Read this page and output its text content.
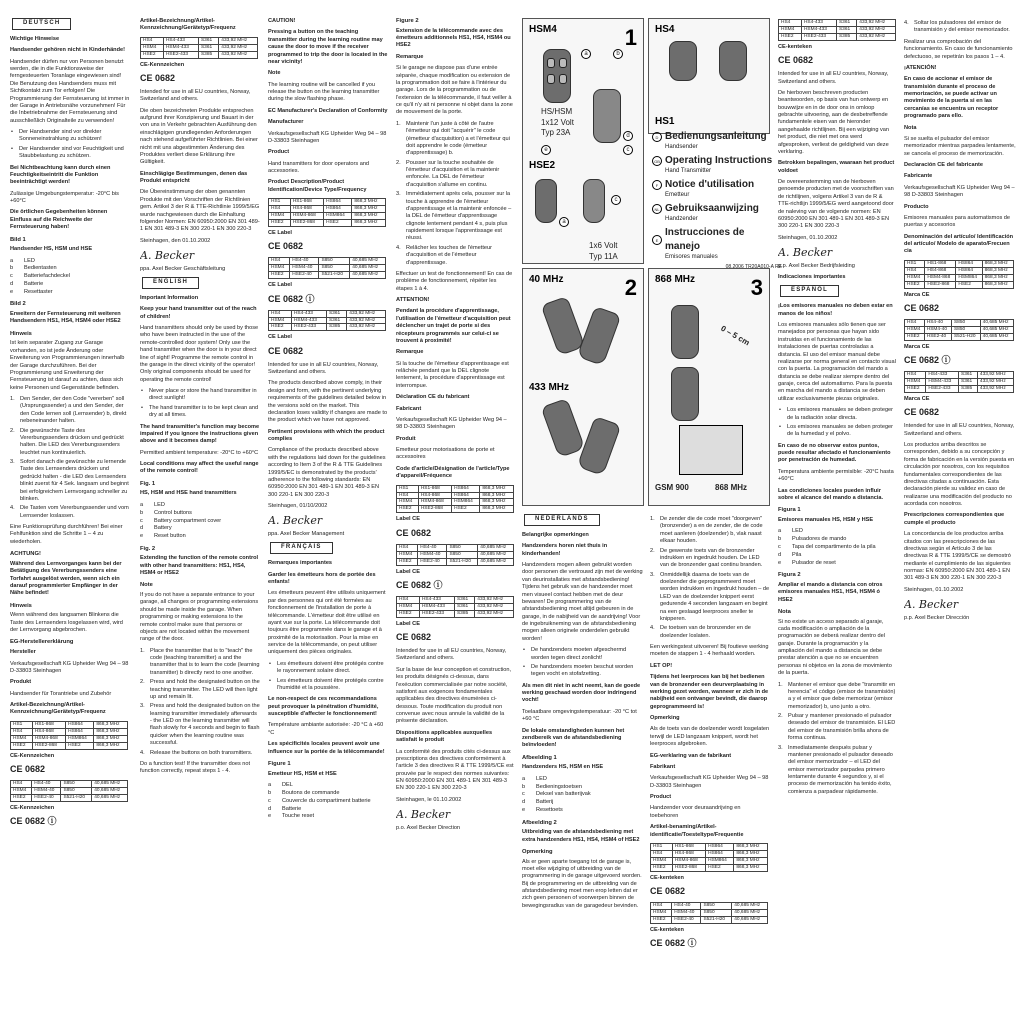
DEUTSCH

Wichtige Hinweise

Handsender gehören nicht in Kinderhände!

Handsender dürfen nur von Personen benutzt werden, die in die Funktionsweise der ferngesteuerten Toranlage eingewiesen sind! Die Benutzung des Handsenders muss mit Sichtkontakt zum Tor erfolgen! Die Programmierung der Fernsteuerung ist immer in der Garage in Antriebsnähe vorzunehmen! Für die Inbetriebnahme der Fernsteuerung sind ausschließlich Originalteile zu verwenden!

• Der Handsender sind vor direkter Sonneneinstrahlung zu schützen!
• Der Handsender sind vor Feuchtigkeit und Staubbelastung zu schützen.

Bei Nichtbeachtung kann durch einen Feuchtigkeitseintritt die Funktion beeinträchtigt werden!

Zulässige Umgebungstemperatur: -20°C bis +60°C

Die örtlichen Gegebenheiten können Einfluss auf die Reichweite der Fernsteuerung haben!

Bild 1

Handsender HS, HSM und HSE

a	LED
b	Bedientasten
c	Batteriefachdeckel
d	Batterie
e	Resettaster
Bild 2

Erweitern der Fernsteuerung mit weiteren Handsendern HS1, HS4, HSM4 oder HSE2

Hinweis

Ist kein separater Zugang zur Garage vorhanden, so ist jede Änderung oder Erweiterung von Programmierungen innerhalb der Garage durchzuführen. Bei der Programmierung und Erweiterung der Fernsteuerung ist darauf zu achten, dass sich keine Personen und Gegenstände befinden.

1. Den Sender, der den Code "vererben" soll (Ursprungssender) a und den Sender, der den Code lernen soll (Lernsender) b, direkt nebeneinander halten.
2. Die gewünschte Taste des Vererbungssenders drücken und gedrückt halten. Die LED des Vererbungssenders leuchtet nun kontinuierlich.
3. Sofort danach die gewünschte zu lernende Taste des Lernsenders drücken und gedrückt halten - die LED des Lernsenders blinkt zuerst für 4 Sek. langsam und beginnt bei erfolgreichem Lernvorgang schneller zu blinken.
4. Die Tasten vom Vererbungssender und vom Lernsender loslassen.

Eine Funktionsprüfung durchführen! Bei einer Fehlfunktion sind die Schritte 1 – 4 zu wiederholen.

ACHTUNG!

Während des Lernvorganges kann bei der Betätigung des Vererbungssenders eine Torfahrt ausgelöst werden, wenn sich ein darauf programmierter Empfänger in der Nähe befindet!

Hinweis

Wenn während des langsamen Blinkens die Taste des Lernsenders losgelassen wird, wird der Lernvorgang abgebrochen.

EG-Herstellererklärung

Hersteller

Verkaufsgesellschaft KG Upheider Weg 94 – 98 D-33803 Steinhagen

Produkt

Handsender für Torantriebe und Zubehör

Artikel-Bezeichnung/Artikel-Kennzeichnung/Gerätetyp/Frequenz

HS1	HS1-868	HS864	868,3 MHz
HS4	HS4-868	HS864	868,3 MHz
HSM4	HSM4-868	HSM864	868,3 MHz
HSE2	HSE2-868	HSE2	868,3 MHz

CE-Kennzeichen

CE 0682
HS4	HS4-40	S850	40,685 MHz
HSM4	HSM4-40	S850	40,685 MHz
HSE2	HSE2-40	S521-H20	40,685 MHz

CE-Kennzeichen

CE 0682 ⓘ

Artikel-Bezeichnung/Artikel-Kennzeichnung/Gerätetyp/Frequenz

HS4	HS4-433	S361	433,92 MHz
HSM4	HSM4-433	S361	433,92 MHz
HSE2	HSE2-433	S385	433,92 MHz

CE-Kennzeichen

CE 0682

Intended for use in all EU countries, Norway, Switzerland and others.

Die oben bezeichneten Produkte entsprechen aufgrund ihrer Konzipierung und Bauart in der von uns in Verkehr gebrachten Ausführung den einschlägigen grundlegenden Anforderungen nach stehend aufgeführter Richtlinien. Bei einer nicht mit uns abgestimmten Änderung des Produktes verliert diese Erklärung ihre Gültigkeit.

Einschlägige Bestimmungen, denen das Produkt entspricht

Die Übereinstimmung der oben genannten Produkte mit den Vorschriften der Richtlinien gem. Artikel 3 der R & TTE-Richtlinie 1999/5/EG wurde nachgewiesen durch die Einhaltung folgender Normen: EN 60950:2000 EN 301 489-1 EN 301 489-3 EN 300 220-1 EN 300 220-3

Steinhagen, den 01.10.2002

A. Becker

ppa. Axel Becker Geschäftsleitung

ENGLISH

Important Information

Keep your hand transmitter out of the reach of children!

Hand transmitters should only be used by those who have been instructed in the use of the remote-controlled door system! Only use the hand transmitter when the door is in your direct line of sight! Programme the remote control in the garage in the direct vicinity of the operator! Only original components should be used for operating the remote control!

• Never place or store the hand transmitter in direct sunlight!
• The hand transmitter is to be kept clean and dry at all times.

The hand transmitter's function may become impaired if you ignore the instructions given above and it becomes damp!

Permitted ambient temperature: -20°C to +60°C

Local conditions may affect the useful range of the remote control!

Fig. 1

HS, HSM and HSE hand transmitters

a	LED
b	Control buttons
c	Battery compartment cover
d	Battery
e	Reset button
Fig. 2

Extending the function of the remote control with other hand transmitters: HS1, HS4, HSM4 or HSE2

Note

If you do not have a separate entrance to your garage, all changes or programming extensions should be made inside the garage. When programming or making extensions to the remote control make sure that persons or objects are not located within the movement range of the door.

1. Place the transmitter that is to "teach" the code (teaching transmitter) a and the transmitter that is to learn the code (learning transmitter) b directly next to one another.
2. Press and hold the designated button on the teaching transmitter. The LED will then light up and remain lit.
3. Press and hold the designated button on the learning transmitter immediately afterwards - the LED on the learning transmitter will flash slowly for 4 seconds and begin to flash quicker when the learning routine was successful.
4. Release the buttons on both transmitters.

Do a function test! If the transmitter does not function correctly, repeat steps 1 - 4.

CAUTION!

Pressing a button on the teaching transmitter during the learning routine may cause the door to move if the receiver programmed to trip the door is located in the near vicinity!

Note

The learning routine will be cancelled if you release the button on the learning transmitter during the slow flashing phase.

EC Manufacturer's Declaration of Conformity

Manufacturer

Verkaufsgesellschaft KG Upheider Weg 94 – 98 D-33803 Steinhagen

Product

Hand transmitters for door operators and accessories.

Product Description/Product Identification/Device Type/Frequency

HS1	HS1-868	HS864	868,3 MHz
HS4	HS4-868	HS864	868,3 MHz
HSM4	HSM4-868	HSM864	868,3 MHz
HSE2	HSE2-868	HSE2	868,3 MHz

CE Label

CE 0682
HS4	HS4-40	S850	40,685 MHz
HSM4	HSM4-40	S850	40,685 MHz
HSE2	HSE2-40	S521-H20	40,685 MHz

CE Label

CE 0682 ⓘ
HS4	HS4-433	S361	433,92 MHz
HSM4	HSM4-433	S361	433,92 MHz
HSE2	HSE2-433	S385	433,92 MHz

CE Label

CE 0682

Intended for use in all EU countries, Norway, Switzerland and others.

The products described above comply, in their design and form, with the pertinent underlying requirements of the guidelines detailed below in the versions sold on the market. This declaration loses validity if changes are made to the product which we have not approved.

Pertinent provisions with which the product complies

Compliance of the products described above with the regulations laid down for the guidelines according to Item 3 of the R & TTE Guidelines 1999/5/EC is demonstrated by the products' adherence to the following standards: EN 60950:2000 EN 301 489-1 EN 301 489-3 EN 300 220-1 EN 300 220-3

Steinhagen, 01/10/2002

A. Becker

ppa. Axel Becker Management

FRANÇAIS

Remarques importantes

Garder les émetteurs hors de portée des enfants!

Les émetteurs peuvent être utilisés uniquement par des personnes qui ont été formées au fonctionnement de l'installation de porte à télécommande. L'émetteur doit être utilisé en ayant vue sur la porte. La télécommande doit toujours être programmée dans le garage et à proximité de la motorisation. Pour la mise en service de la télécommande, on peut utiliser uniquement des pièces originales.

• Les émetteurs doivent être protégés contre le rayonnement solaire direct.
• Les émetteurs doivent être protégés contre l'humidité et la poussière.

Le non-respect de ces recommandations peut provoquer la pénétration d'humidité, susceptible d'affecter le fonctionnement!

Température ambiante autorisée: -20 °C à +60 °C

Les spécificités locales peuvent avoir une influence sur la portée de la télécommande!

Figure 1

Emetteur HS, HSM et HSE

a	DEL
b	Boutons de commande
c	Couvercle du compartiment batterie
d	Batterie
e	Touche reset
Figure 2

Extension de la télécommande avec des émetteurs additionnels HS1, HS4, HSM4 ou HSE2

Remarque

Si le garage ne dispose pas d'une entrée séparée, chaque modification ou extension de la programmation doit se faire à l'intérieur du garage. Lors de la programmation ou de l'extension de la télécommande, il faut veiller à ce qu'il n'y ait ni personne ni objet dans la zone de mouvement de la porte.

1. Maintenir l'un juste à côté de l'autre l'émetteur qui doit "acquérir" le code (émetteur d'acquisition) a et l'émetteur qui doit apprendre le code (émetteur d'apprentissage) b.
2. Pousser sur la touche souhaitée de l'émetteur d'acquisition et la maintenir enfoncée. La DEL de l'émetteur d'acquisition s'allume en continu.
3. Immédiatement après cela, pousser sur la touche à apprendre de l'émetteur d'apprentissage et la maintenir enfoncée – la DEL de l'émetteur d'apprentissage clignote lentement pendant 4 s, puis plus rapidement lorsque l'apprentissage est réussi.
4. Relâcher les touches de l'émetteur d'acquisition et de l'émetteur d'apprentissage.

Effectuer un test de fonctionnement! En cas de problème de fonctionnement, répéter les étapes 1 à 4.

ATTENTION!

Pendant la procédure d'apprentissage, l'utilisation de l'émetteur d'acquisition peut déclencher un trajet de porte si des récepteurs programmés sur celui-ci se trouvent à proximité!

Remarque

Si la touche de l'émetteur d'apprentissage est relâchée pendant que la DEL clignote lentement, la procédure d'apprentissage est interrompue.

Déclaration CE du fabricant

Fabricant

Verkaufsgesellschaft KG Upheider Weg 94 – 98 D-33803 Steinhagen

Produit

Emetteur pour motorisations de porte et accessoires

Code d'article/Désignation de l'article/Type d'appareil/Fréquence

HS1	HS1-868	HS864	868,3 MHz
HS4	HS4-868	HS864	868,3 MHz
HSM4	HSM4-868	HSM864	868,3 MHz
HSE2	HSE2-868	HSE2	868,3 MHz

Label CE

CE 0682
HS4	HS4-40	S850	40,685 MHz
HSM4	HSM4-40	S850	40,685 MHz
HSE2	HSE2-40	S521-H20	40,685 MHz

Label CE

CE 0682 ⓘ
HS4	HS4-433	S361	433,92 MHz
HSM4	HSM4-433	S361	433,92 MHz
HSE2	HSE2-433	S385	433,92 MHz

Label CE

CE 0682

Intended for use in all EU countries, Norway, Switzerland and others.

Sur la base de leur conception et construction, les produits désignés ci-dessus, dans l'exécution commercialisée par notre société, satisfont aux exigences fondamentales applicables des directives énumérées ci-dessous. Toute modification du produit non convenue avec nous annule la validité de la présente déclaration.

Dispositions applicables auxquelles satisfait le produit

La conformité des produits cités ci-dessus aux prescriptions des directives conformément à l'article 3 des directives R & TTE 1999/5/CE est prouvée par le respect des normes suivantes: EN 60950:2000 EN 301 489-1 EN 301 489-3 EN 300 220-1 EN 300 220-3

Steinhagen, le 01.10.2002

A. Becker

p.o. Axel Becker Direction

HSM4	1
a	b
d
c
e
HS/HSM
1x12 Volt
Typ 23A
HSE2
a
c
1x6 Volt
Typ 11A
40 MHz	2
433 MHz
868 MHz	3
0 – 5 cm
GSM 900	868 MHz
HS4
HS1
D Bedienungsanleitung
Handsender
GB Operating Instructions
Hand Transmitter
F Notice d'utilisation
Emetteur
NL Gebruiksaanwijzing
Handzender
E
Instrucciones de manejo
Emisores manuales
08.2006 TR20A010-A RE
NEDERLANDS

Belangrijke opmerkingen

Handzenders horen niet thuis in kinderhanden!

Handzenders mogen alleen gebruikt worden door personen die vertrouwd zijn met de werking van deurinstallaties met afstandsbediening! Tijdens het gebruik van de handzender moet men visueel contact hebben met de deur bewaren! De programmering van de afstandsbediening moet altijd gebeuren in de garage, in de nabijheid van de aandrijving! Voor de ingebruikneming van de afstandsbediening mogen alleen originele onderdelen gebruikt worden!

• De handzenders moeten afgeschermd worden tegen direct zonlicht!
• De handzenders moeten beschut worden tegen vocht en stofafzetting.

Als men dit niet in acht neemt, kan de goede werking geschaad worden door indringend vocht!

Toelaatbare omgevingstemperatuur: -20 °C tot +60 °C

De lokale omstandigheden kunnen het zendbereik van de afstandsbediening beïnvloeden!

Afbeelding 1

Handzenders HS, HSM en HSE

a	LED
b	Bedieningstoetsen
c	Deksel van batterijvak
d	Batterij
e	Resettoets
Afbeelding 2

Uitbreiding van de afstandsbediening met extra handzenders HS1, HS4, HSM4 of HSE2

Opmerking

Als er geen aparte toegang tot de garage is, moet elke wijziging of uitbreiding van de programmering in de garage uitgevoerd worden. Bij de programmering en de uitbreiding van de afstandsbediening moet men erop letten dat er zich geen personen of voorwerpen binnen de bewegingsradius van de garagedeur bevinden.

1. De zender die de code moet "doorgeven" (bronzender) a en de zender, die de code moet aanleren (doelzender) b, vlak naast elkaar houden.
2. De gewenste toets van de bronzender indrukken en ingedrukt houden. De LED van de bronzender gaat continu branden.
3. Onmiddellijk daarna de toets van de doelzender die geprogrammeerd moet worden indrukken en ingedrukt houden – de LED van de doelzender knippert eerst gedurende 4 seconden langzaam en begint na een geslaagd leerproces sneller te knipperen.
4. De toetsen van de bronzender en de doelzender loslaten.

Een werkingstest uitvoeren! Bij foutieve werking moeten de stappen 1 - 4 herhaald worden.

LET OP!

Tijdens het leerproces kan bij het bedienen van de bronzender een deurverplaatsing in werking gezet worden, wanneer er zich in de nabijheid een ontvanger bevindt, die daarop geprogrammeerd is!

Opmerking

Als de toets van de doelzender wordt losgelaten terwijl de LED langzaam knippert, wordt het leerproces afgebroken.

EG-verklaring van de fabrikant

Fabrikant

Verkaufsgesellschaft KG Upheider Weg 94 – 98 D-33803 Steinhagen

Product

Handzender voor deuraandrijving en toebehoren

Artikel-benaming/Artikel-identificatie/Toesteltype/Frequentie

HS1	HS1-868	HS864	868,3 MHz
HS4	HS4-868	HS864	868,3 MHz
HSM4	HSM4-868	HSM864	868,3 MHz
HSE2	HSE2-868	HSE2	868,3 MHz

CE-kenteken

CE 0682
HS4	HS4-40	S850	40,685 MHz
HSM4	HSM4-40	S850	40,685 MHz
HSE2	HSE2-40	S521-H20	40,685 MHz

CE-kenteken

CE 0682 ⓘ
HS4	HS4-433	S361	433,92 MHz
HSM4	HSM4-433	S361	433,92 MHz
HSE2	HSE2-433	S385	433,92 MHz

CE-kenteken

CE 0682

Intended for use in all EU countries, Norway, Switzerland and others.

De hierboven beschreven producten beantwoorden, op basis van hun ontwerp en bouwwijze en in de door ons in omloop gebrachte uitvoering, aan de desbetreffende fundamentele eisen van de hieronder aangehaalde richtlijnen. Bij een wijziging van het product, die niet met ons werd afgesproken, verliest de geldigheid van deze verklaring.

Betrokken bepalingen, waaraan het product voldoet

De overeenstemming van de hierboven genoemde producten met de voorschriften van de richtlijnen, volgens Artikel 3 van de R & TTE-richtlijn 1999/5/EG werd aangetoond door de naleving van de volgende normen: EN 60950:2000 EN 301 489-1 EN 301 489-3 EN 300 220-1 EN 300 220-3

Steinhagen, 01.10.2002

A. Becker

p.p. Axel Becker Bedrijfsleiding

Indicaciones importantes

ESPAÑOL

¡Los emisores manuales no deben estar en manos de los niños!

Los emisores manuales sólo tienen que ser manejados por personas que hayan sido instruidas en el funcionamiento de las instalaciones de puertas controladas a distancia. El uso del emisor manual debe realizarse por norma general en contacto visual con la puerta. La programación del mando a distancia se debe realizar siempre dentro del garaje, cerca del automatismo. Para la puesta en marcha del mando a distancia se deben utilizar exclusivamente piezas originales.

• Los emisores manuales se deben proteger de la radiación solar directa.
• Los emisores manuales se deben proteger de la humedad y el polvo.

En caso de no observar estos puntos, puede resultar afectado el funcionamiento por penetración de humedad.

Temperatura ambiente permisible: -20°C hasta +60°C

Las condiciones locales pueden influir sobre el alcance del mando a distancia.

Figura 1

Emisores manuales HS, HSM y HSE

a	LED
b	Pulsadores de mando
c	Tapa del compartimento de la pila
d	Pila
e	Pulsador de reset
Figura 2

Ampliar el mando a distancia con otros emisores manuales HS1, HS4, HSM4 ó HSE2

Nota

Si no existe un acceso separado al garaje, cada modificación o ampliación de la programación se deberá realizar dentro del garaje. Durante la programación y la ampliación del mando a distancia se debe prestar atención a que no se encuentren personas ni objetos en la zona de movimiento de la puerta.

1. Mantener el emisor que debe "transmitir en herencia" el código (emisor de transmisión) a y el emisor que debe memorizar (emisor memorizador) b, uno junto a otro.
2. Pulsar y mantener presionado el pulsador deseado del emisor de transmisión. El LED del emisor de transmisión brilla ahora de forma continua.
3. Inmediatamente después pulsar y mantener presionado el pulsador deseado del emisor memorizador – el LED del emisor memorizador parpadea primero lentamente durante 4 segundos y, si el proceso de memorización ha tenido éxito, comienza a parpadear rápidamente.
4. Soltar los pulsadores del emisor de transmisión y del emisor memorizador.

Realizar una comprobación del funcionamiento. En caso de funcionamiento defectuoso, se repetirán los pasos 1 – 4.

¡ATENCIÓN!

En caso de accionar el emisor de transmisión durante el proceso de memorización, se puede activar un movimiento de la puerta si en las cercanías se encuentra un receptor programado para ello.

Nota

Si se suelta el pulsador del emisor memorizador mientras parpadea lentamente, se cancela el proceso de memorización.

Declaración CE del fabricante

Fabricante

Verkaufsgesellschaft KG Upheider Weg 94 – 98 D-33803 Steinhagen

Producto

Emisores manuales para automatismos de puertas y accesorios

Denominación del artículo/ Identificación del artículo/ Modelo de aparato/Frecuen cia

HS1	HS1-868	HS864	868,3 MHz
HS4	HS4-868	HS864	868,3 MHz
HSM4	HSM4-868	HSM864	868,3 MHz
HSE2	HSE2-868	HSE2	868,3 MHz

Marca CE

CE 0682
HS4	HS4-40	S850	40,685 MHz
HSM4	HSM4-40	S850	40,685 MHz
HSE2	HSE2-40	S521-H20	40,685 MHz

Marca CE

CE 0682 ⓘ
HS4	HS4-433	S361	433,92 MHz
HSM4	HSM4-433	S361	433,92 MHz
HSE2	HSE2-433	S385	433,92 MHz

Marca CE

CE 0682

Intended for use in all EU countries, Norway, Switzerland and others.

Los productos arriba descritos se corresponden, debido a su concepción y forma de fabricación en la versión puesta en circulación por nosotros, con los requisitos fundamentales correspondientes de las directivas citadas a continuación. Esta declaración pierde su validez en caso de realizarse una modificación del producto no acordada con nosotros.

Prescripciones correspondientes que cumple el producto

La concordancia de los productos arriba citados con las prescripciones de las directivas según el Artículo 3 de las directivas R & TTE 1999/5/CE se demostró mediante el cumplimiento de las siguientes normas: EN 60950:2000 EN 301 489-1 EN 301 489-3 EN 300 220-1 EN 300 220-3

Steinhagen, 01.10.2002

A. Becker

p.p. Axel Becker Dirección
